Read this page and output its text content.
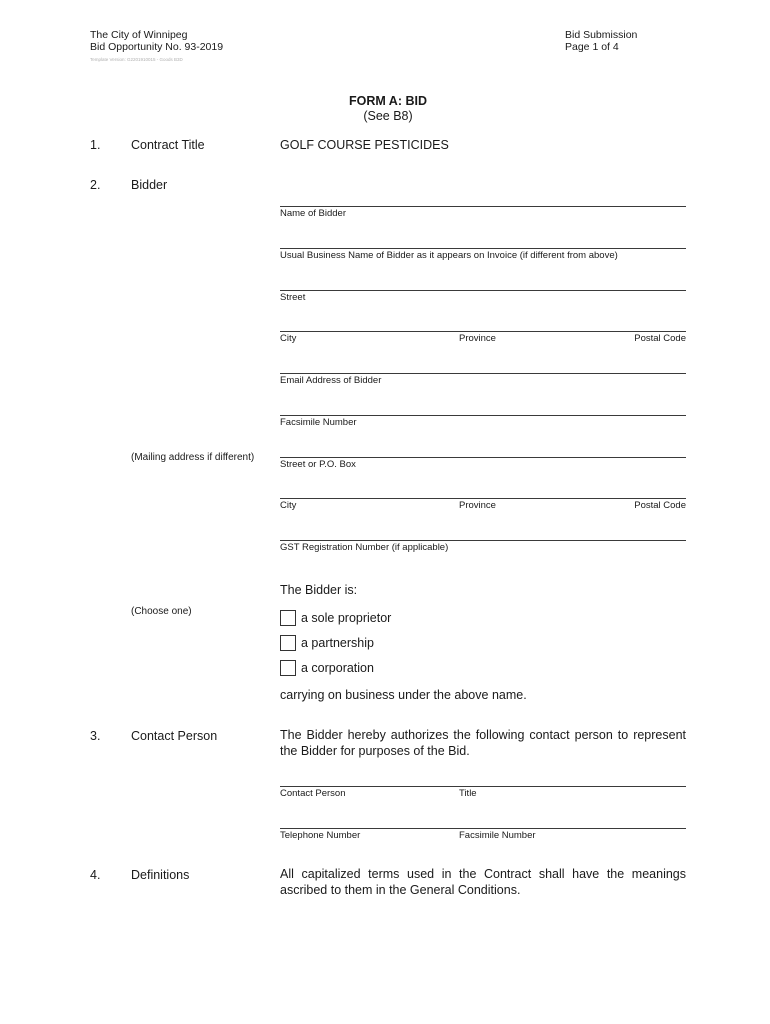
The City of Winnipeg
Bid Opportunity No. 93-2019
Template Version: G2201910015 - Goods B3D
Bid Submission
Page 1 of 4
FORM A: BID
(See B8)
1. Contract Title	GOLF COURSE PESTICIDES
2. Bidder
Name of Bidder
Usual Business Name of Bidder as it appears on Invoice (if different from above)
Street
City	Province	Postal Code
Email Address of Bidder
Facsimile Number
(Mailing address if different)
Street or P.O. Box
City	Province	Postal Code
GST Registration Number (if applicable)
The Bidder is:
(Choose one)	a sole proprietor
a partnership
a corporation
carrying on business under the above name.
3. Contact Person	The Bidder hereby authorizes the following contact person to represent the Bidder for purposes of the Bid.
Contact Person	Title
Telephone Number	Facsimile Number
4. Definitions	All capitalized terms used in the Contract shall have the meanings ascribed to them in the General Conditions.
